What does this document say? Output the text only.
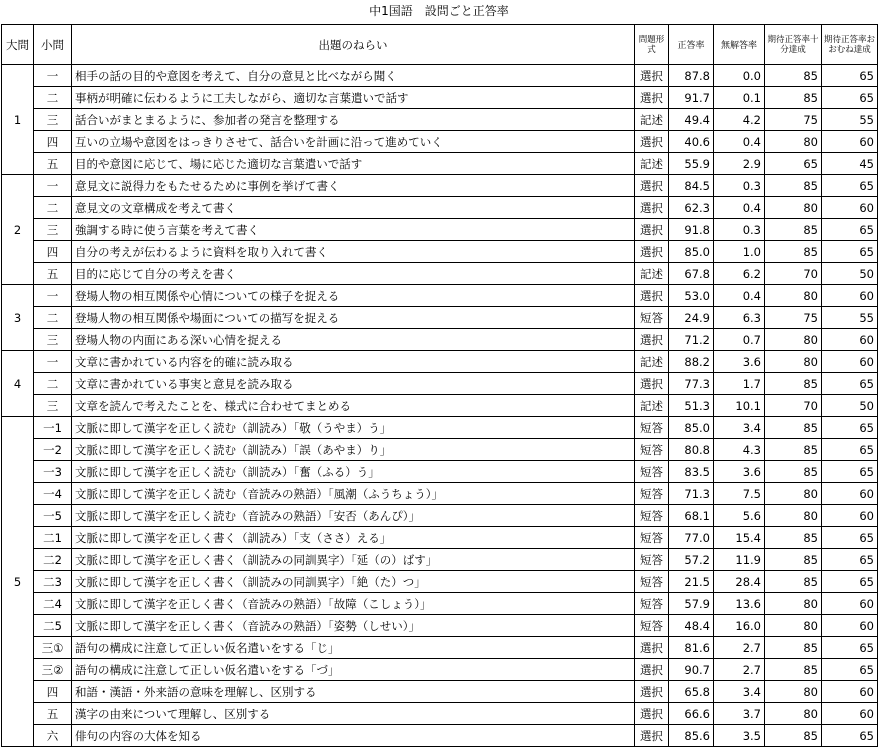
中1国語　設問ごと正答率
大問	小問	出題のねらい	問題形式	正答率	無解答率	期待正答率十分達成	期待正答率おおむね達成
1	一	相手の話の目的や意図を考えて、自分の意見と比べながら聞く	選択	87.8	0.0	85	65
	二	事柄が明確に伝わるように工夫しながら、適切な言葉遣いで話す	選択	91.7	0.1	85	65
	三	話合いがまとまるように、参加者の発言を整理する	記述	49.4	4.2	75	55
	四	互いの立場や意図をはっきりさせて、話合いを計画に沿って進めていく	選択	40.6	0.4	80	60
	五	目的や意図に応じて、場に応じた適切な言葉遣いで話す	記述	55.9	2.9	65	45
2	一	意見文に説得力をもたせるために事例を挙げて書く	選択	84.5	0.3	85	65
	二	意見文の文章構成を考えて書く	選択	62.3	0.4	80	60
	三	強調する時に使う言葉を考えて書く	選択	91.8	0.3	85	65
	四	自分の考えが伝わるように資料を取り入れて書く	選択	85.0	1.0	85	65
	五	目的に応じて自分の考えを書く	記述	67.8	6.2	70	50
3	一	登場人物の相互関係や心情についての様子を捉える	選択	53.0	0.4	80	60
	二	登場人物の相互関係や場面についての描写を捉える	短答	24.9	6.3	75	55
	三	登場人物の内面にある深い心情を捉える	選択	71.2	0.7	80	60
4	一	文章に書かれている内容を的確に読み取る	記述	88.2	3.6	80	60
	二	文章に書かれている事実と意見を読み取る	選択	77.3	1.7	85	65
	三	文章を読んで考えたことを、様式に合わせてまとめる	記述	51.3	10.1	70	50
5	一1	文脈に即して漢字を正しく読む（訓読み）「敬（うやま）う」	短答	85.0	3.4	85	65
	一2	文脈に即して漢字を正しく読む（訓読み）「誤（あやま）り」	短答	80.8	4.3	85	65
	一3	文脈に即して漢字を正しく読む（訓読み）「奮（ふる）う」	短答	83.5	3.6	85	65
	一4	文脈に即して漢字を正しく読む（音読みの熟語）「風潮（ふうちょう）」	短答	71.3	7.5	80	60
	一5	文脈に即して漢字を正しく読む（音読みの熟語）「安否（あんぴ）」	短答	68.1	5.6	80	60
	二1	文脈に即して漢字を正しく書く（訓読み）「支（ささ）える」	短答	77.0	15.4	85	65
	二2	文脈に即して漢字を正しく書く（訓読みの同訓異字）「延（の）ばす」	短答	57.2	11.9	85	65
	二3	文脈に即して漢字を正しく書く（訓読みの同訓異字）「絶（た）つ」	短答	21.5	28.4	85	65
	二4	文脈に即して漢字を正しく書く（音読みの熟語）「故障（こしょう）」	短答	57.9	13.6	80	60
	二5	文脈に即して漢字を正しく書く（音読みの熟語）「姿勢（しせい）」	短答	48.4	16.0	80	60
	三①	語句の構成に注意して正しい仮名遣いをする「じ」	選択	81.6	2.7	85	65
	三②	語句の構成に注意して正しい仮名遣いをする「づ」	選択	90.7	2.7	85	65
	四	和語・漢語・外来語の意味を理解し、区別する	選択	65.8	3.4	80	60
	五	漢字の由来について理解し、区別する	選択	66.6	3.7	80	60
	六	俳句の内容の大体を知る	選択	85.6	3.5	85	65
